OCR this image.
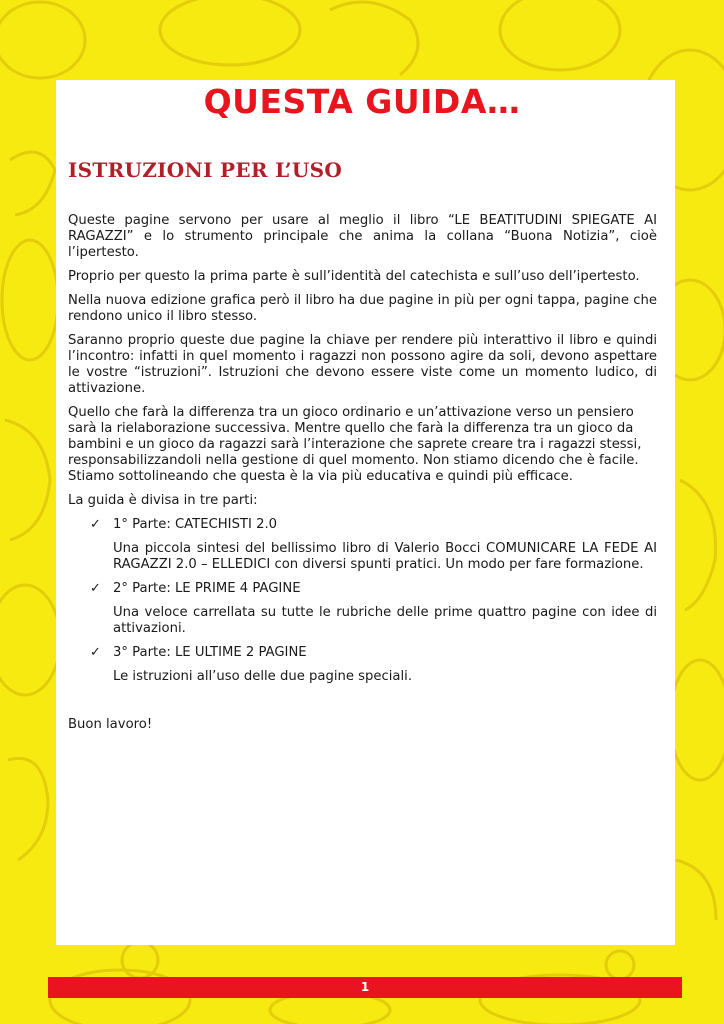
QUESTA GUIDA…
ISTRUZIONI PER L’USO

Queste pagine servono per usare al meglio il libro “LE BEATITUDINI SPIEGATE AI RAGAZZI” e lo strumento principale che anima la collana “Buona Notizia”, cioè l’ipertesto.

Proprio per questo la prima parte è sull’identità del catechista e sull’uso dell’ipertesto.

Nella nuova edizione grafica però il libro ha due pagine in più per ogni tappa, pagine che rendono unico il libro stesso.

Saranno proprio queste due pagine la chiave per rendere più interattivo il libro e quindi l’incontro: infatti in quel momento i ragazzi non possono agire da soli, devono aspettare le vostre “istruzioni”. Istruzioni che devono essere viste come un momento ludico, di attivazione.

Quello che farà la differenza tra un gioco ordinario e un’attivazione verso un pensiero sarà la rielaborazione successiva. Mentre quello che farà la differenza tra un gioco da bambini e un gioco da ragazzi sarà l’interazione che saprete creare tra i ragazzi stessi, responsabilizzandoli nella gestione di quel momento. Non stiamo dicendo che è facile. Stiamo sottolineando che questa è la via più educativa e quindi più efficace.

La guida è divisa in tre parti:

✓ 1° Parte: CATECHISTI 2.0

Una piccola sintesi del bellissimo libro di Valerio Bocci COMUNICARE LA FEDE AI RAGAZZI 2.0 – ELLEDICI con diversi spunti pratici. Un modo per fare formazione.

✓ 2° Parte: LE PRIME 4 PAGINE

Una veloce carrellata su tutte le rubriche delle prime quattro pagine con idee di attivazioni.

✓ 3° Parte: LE ULTIME 2 PAGINE

Le istruzioni all’uso delle due pagine speciali.

Buon lavoro!

1
